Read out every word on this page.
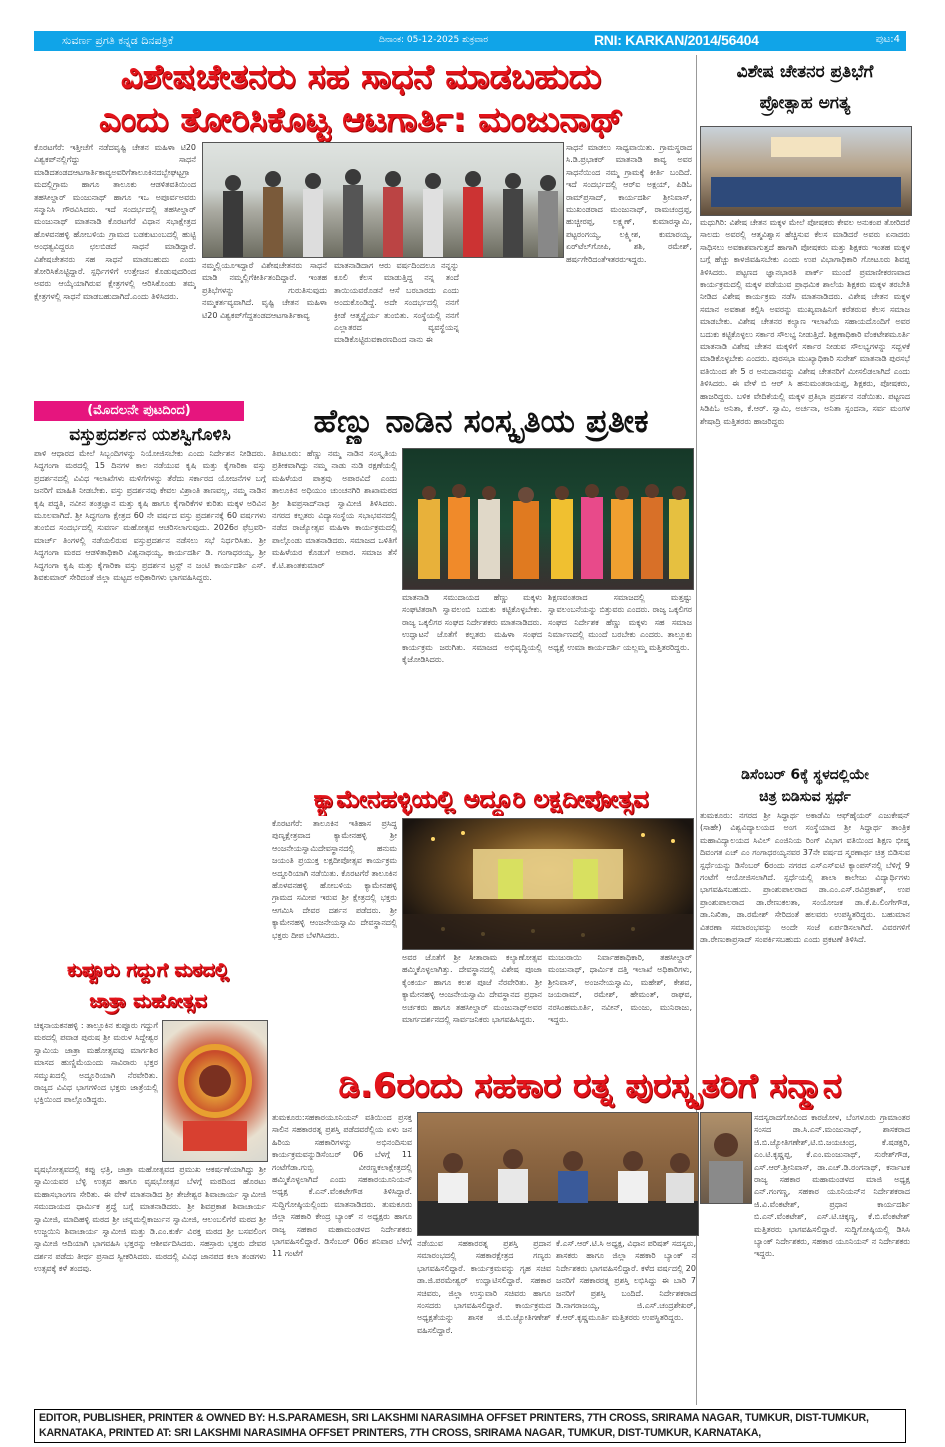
ಸುವರ್ಣ ಪ್ರಗತಿ ಕನ್ನಡ ದಿನಪತ್ರಿಕೆ	ದಿನಾಂಕ: 05-12-2025 ಶುಕ್ರವಾರ	RNI: KARKAN/2014/56404	ಪುಟ:4
ವಿಶೇಷಚೇತನರು ಸಹ ಸಾಧನೆ ಮಾಡಬಹುದು
ಎಂದು ತೋರಿಸಿಕೊಟ್ಟ ಆಟಗಾರ್ತಿ: ಮಂಜುನಾಥ್
ಕೊರಟಗೆರೆ: ಇತ್ತೀಚೆಗೆ ನಡೆದವೃಷ್ಟಿ ಚೇತನ ಮಹಿಳಾ ಟಿ20 ವಿಶ್ವಕಪ್‌ನಲ್ಲಿಗೆದ್ದು ಸಾಧನೆ ಮಾಡಿದತಂಡದಆಟಗಾರ್ತಿಕಾವ್ಯಅವರಿಗೆತಾಲೂಕಿನದಬ್ಬೇಘಟ್ಟಗ್ರಾಮದಲ್ಲಿಗ್ರಾಮ ಹಾಗೂ ತಾಲೂಕು ಆಡಳಿತವತಿಯಿಂದ ತಹಸೀಲ್ದಾರ್ ಮಂಜುನಾಥ್ ಹಾಗೂ ಇಒ ಅಪೂರ್ವಅವರು ಸನ್ಮಾನಿಸಿ ಗೌರವಿಸಿದರು. ಇದೆ ಸಂದರ್ಭದಲ್ಲಿ ತಹಸೀಲ್ದಾರ್ ಮಂಜುನಾಥ್ ಮಾತನಾಡಿ ಕೊರಟಗೆರೆ ವಿಧಾನ ಸಭಾಕ್ಷೇತ್ರದ ಹೊಳವನಹಳ್ಳಿ ಹೋಬಳಿಯ ಗ್ರಾಮದ ಬಡಕುಟುಂಬದಲ್ಲಿ ಹುಟ್ಟಿ ಅಂಧತ್ವವಿದ್ದರೂ ಛಲಬಿಡದೆ ಸಾಧನೆ ಮಾಡಿದ್ದಾರೆ. ವಿಶೇಷಚೇತನರು ಸಹ ಸಾಧನೆ ಮಾಡಬಹುದು ಎಂದು ತೋರಿಸಿಕೊಟ್ಟಿದ್ದಾರೆ. ಸ್ಪರ್ಧಿಗಳಿಗೆ ಉತ್ತೇಜನ ಕೊಡುವುದರಿಂದ ಅವರು ಆಯ್ಕೆಯಾಗಿರುವ ಕ್ಷೇತ್ರಗಳಲ್ಲಿ ಆರಿಸಿಕೊಂಡು ತಮ್ಮ ಕ್ಷೇತ್ರಗಳಲ್ಲಿ ಸಾಧನೆ ಮಾಡಬಹುದಾಗಿದೆ.ಎಂದು ತಿಳಿಸಿದರು.
ನಮ್ಮಲ್ಲಿಯೂಇದ್ದಾರೆ ವಿಶೇಷಚೇತನರು ಸಾಧನೆ ಮಾಡಿ ನಮ್ಮಲ್ಲಿಗೆಕೀರ್ತಿತಂದಿದ್ದಾರೆ. ಇಂತಹ ಪ್ರತಿಭೆಗಳನ್ನು ಗುರುತಿಸುವುದು ನಮ್ಮಕರ್ತವ್ಯವಾಗಿದೆ. ವೃಷ್ಟಿ ಚೇತನ ಮಹಿಳಾ ಟಿ20 ವಿಶ್ವಕಪ್‌ಗೆದ್ದತಂಡದಆಟಗಾರ್ತಿಕಾವ್ಯ
ಮಾತನಾಡಿದಾಗ ಆರು ವರ್ಷದಿಂದಲೂ ನನ್ನನ್ನು ಕೂಲಿ ಕೆಲಸ ಮಾಡುತ್ತಿದ್ದ ನನ್ನ ತಂದೆ ತಾಯಿಯವರೊಡನೆ ಆಸೆ ಬರಬಾರದು ಎಂದು ಅಂದುಕೊಂಡಿದ್ದೆ. ಅದೇ ಸಂದರ್ಭದಲ್ಲಿ ನನಗೆ ಕ್ರೀಡೆ ಆತ್ಮಸ್ಥೈರ್ಯ ತುಂಬಿತು. ಸಂಸ್ಥೆಯಲ್ಲಿ ನನಗೆ ಎಲ್ಲಾತರದ ವ್ಯವಸ್ಥೆಯನ್ನ ಮಾಡಿಕೊಟ್ಟಿರುವಕಾರಣದಿಂದ ನಾನು ಈ
ಸಾಧನೆ ಮಾಡಲು ಸಾಧ್ಯವಾಯಿತು. ಗ್ರಾಮಸ್ಥರಾದ ಸಿ.ಡಿ.ಪ್ರಭಾಕರ್ ಮಾತನಾಡಿ ಕಾವ್ಯ ಅವರ ಸಾಧನೆಯಿಂದ ನಮ್ಮ ಗ್ರಾಮಕ್ಕೆ ಕೀರ್ತಿ ಬಂದಿದೆ. ಇದೆ ಸಂದರ್ಭದಲ್ಲಿ ಆರ್‌ಐ ಅಕ್ಷಯ್, ಪಿಡಿಓ ರಾಮ್‌ಪ್ರಸಾದ್, ಕಾರ್ಯದರ್ಶಿ ಶ್ರೀನಿವಾಸ್, ಮುಖಂಡರಾದ ಮಂಜುನಾಥ್, ರಾಮಚಂದ್ರಪ್ಪ, ಹುಚ್ಚೀರಪ್ಪ, ಲಕ್ಷ್ಮಣ್, ಕುಮಾರಸ್ವಾಮಿ, ಪಟ್ಟರಂಗಯ್ಯ, ಲಕ್ಷ್ಮೀಶ, ಕುಮಾರಯ್ಯ, ಏರ್‌ಟೆಲ್‌ಗೋಪಿ, ಶಶಿ, ರಮೇಶ್, ಹರ್ಷಗೇರಿದಂತೆಇತರರುಇದ್ದರು.
ವಿಶೇಷ ಚೇತನರ ಪ್ರತಿಭೆಗೆ
ಪ್ರೋತ್ಸಾಹ ಅಗತ್ಯ
ಮಧುಗಿರಿ: ವಿಶೇಷ ಚೇತನ ಮಕ್ಕಳ ಮೇಲೆ ಪೋಷಕರು ಕೇವಲ ಅನುಕಂಪ ತೋರಿದರೆ ಸಾಲದು ಅವರಲ್ಲಿ ಆತ್ಮವಿಶ್ವಾಸ ಹೆಚ್ಚಿಸುವ ಕೆಲಸ ಮಾಡಿದರೆ ಅವರು ಏನಾದರು ಸಾಧಿಸಲು ಅವಕಾಶವಾಗುತ್ತದೆ ಹಾಗಾಗಿ ಪೋಷಕರು ಮತ್ತು ಶಿಕ್ಷಕರು ಇಂತಹ ಮಕ್ಕಳ ಬಗ್ಗೆ ಹೆಚ್ಚು ಕಾಳಜಿವಹಿಸಬೇಕು ಎಂದು ಉಪ ವಿಭಾಗಾಧಿಕಾರಿ ಗೋಟೂರು ಶಿವಪ್ಪ ತಿಳಿಸಿದರು. ಪಟ್ಟಣದ ಜ್ಞಾನಭಾರತಿ ಪಾರ್ಕ್ ಮುಂದೆ ಪ್ರಮಾಣೀಕರಣವಾದ ಕಾರ್ಯಕ್ರಮದಲ್ಲಿ ಮಕ್ಕಳ ಪಡೆಯುವ ಪ್ರಾಥಮಿಕ ಶಾಲೆಯ ಶಿಕ್ಷಕರು ಮಕ್ಕಳ ತರಬೇತಿ ನೀಡಿದ ವಿಶೇಷ ಕಾರ್ಯಕ್ರಮ ನಡೆಸಿ ಮಾತನಾಡಿದರು. ವಿಶೇಷ ಚೇತನ ಮಕ್ಕಳ ಸಮಾನ ಅವಕಾಶ ಕಲ್ಪಿಸಿ ಅವರನ್ನು ಮುಖ್ಯವಾಹಿನಿಗೆ ಕರೆತರುವ ಕೆಲಸ ಸಮಾಜ ಮಾಡಬೇಕು. ವಿಶೇಷ ಚೇತನರ ಕಲ್ಯಾಣ ಇಲಾಖೆಯ ಸಹಾಯದೊಂದಿಗೆ ಅವರ ಬದುಕು ಕಟ್ಟಿಕೊಳ್ಳಲು ಸರ್ಕಾರ ಸೌಲಭ್ಯ ನೀಡುತ್ತಿದೆ. ಶಿಕ್ಷಣಾಧಿಕಾರಿ ವೆಂಕಟೇಶಮೂರ್ತಿ ಮಾತನಾಡಿ ವಿಶೇಷ ಚೇತನ ಮಕ್ಕಳಿಗೆ ಸರ್ಕಾರ ನೀಡುವ ಸೌಲಭ್ಯಗಳನ್ನು ಸದ್ಬಳಕೆ ಮಾಡಿಕೊಳ್ಳಬೇಕು ಎಂದರು. ಪುರಸಭಾ ಮುಖ್ಯಾಧಿಕಾರಿ ಸುರೇಶ್ ಮಾತನಾಡಿ ಪುರಸಭೆ ವತಿಯಿಂದ ಶೇ 5 ರ ಅನುದಾನವನ್ನು ವಿಶೇಷ ಚೇತನರಿಗೆ ಮೀಸಲಿಡಲಾಗಿದೆ ಎಂದು ತಿಳಿಸಿದರು. ಈ ವೇಳೆ ಬಿ ಆರ್ ಸಿ ಹನುಮಂತರಾಯಪ್ಪ, ಶಿಕ್ಷಕರು, ಪೋಷಕರು, ಹಾಜರಿದ್ದರು. ಬಳಿಕ ವೇದಿಕೆಯಲ್ಲಿ ಮಕ್ಕಳ ಪ್ರತಿಭಾ ಪ್ರದರ್ಶನ ನಡೆಯಿತು. ಪಟ್ಟಣದ ಸಿಡಿಪಿಓ ಅನಿತಾ, ಕೆ.ಆರ್. ಸ್ವಾಮಿ, ಅರ್ಚನಾ, ಅನಿತಾ ಸ್ಪಂದನಾ, ಸರ್ವ ಮಂಗಳ ಶೇಷಾದ್ರಿ ಮತ್ತಿತರರು ಹಾಜರಿದ್ದರು
(ಮೊದಲನೇ ಪುಟದಿಂದ)
ವಸ್ತುಪ್ರದರ್ಶನ ಯಶಸ್ವಿಗೊಳಿಸಿ
ಪಾಳಿ ಆಧಾರದ ಮೇಲೆ ಸಿಬ್ಬಂದಿಗಳನ್ನು ನಿಯೋಜಿಸಬೇಕು ಎಂದು ನಿರ್ದೇಶನ ನೀಡಿದರು. ಸಿದ್ಧಗಂಗಾ ಮಠದಲ್ಲಿ 15 ದಿನಗಳ ಕಾಲ ನಡೆಯುವ ಕೃಷಿ ಮತ್ತು ಕೈಗಾರಿಕಾ ವಸ್ತು ಪ್ರದರ್ಶನದಲ್ಲಿ ವಿವಿಧ ಇಲಾಖೆಗಳು ಮಳಿಗೆಗಳನ್ನು ತೆರೆದು ಸರ್ಕಾರದ ಯೋಜನೆಗಳ ಬಗ್ಗೆ ಜನರಿಗೆ ಮಾಹಿತಿ ನೀಡಬೇಕು. ವಸ್ತು ಪ್ರದರ್ಶನವು ಕೇವಲ ವಿಶ್ರಾಂತಿ ತಾಣವಲ್ಲ, ನಮ್ಮ ನಾಡಿನ ಕೃಷಿ ಪದ್ಧತಿ, ನವೀನ ತಂತ್ರಜ್ಞಾನ ಮತ್ತು ಕೃಷಿ ಹಾಗೂ ಕೈಗಾರಿಕೆಗಳ ಕುರಿತು ಮಕ್ಕಳ ಅರಿವಿನ ಮೂಲವಾಗಿದೆ. ಶ್ರೀ ಸಿದ್ಧಗಂಗಾ ಕ್ಷೇತ್ರದ 60 ನೇ ವರ್ಷದ ವಸ್ತು ಪ್ರದರ್ಶನಕ್ಕೆ 60 ವರ್ಷಗಳು ತುಂಬಿದ ಸಂದರ್ಭದಲ್ಲಿ ಸುವರ್ಣ ಮಹೋತ್ಸವ ಆಚರಿಸಲಾಗುವುದು. 2026ರ ಫೆಬ್ರವರಿ-ಮಾರ್ಚ್ ತಿಂಗಳಲ್ಲಿ ನಡೆಯಲಿರುವ ವಸ್ತುಪ್ರದರ್ಶನ ನಡೆಸಲು ಸಭೆ ನಿರ್ಧರಿಸಿತು. ಶ್ರೀ ಸಿದ್ಧಗಂಗಾ ಮಠದ ಆಡಳಿತಾಧಿಕಾರಿ ವಿಶ್ವನಾಥಯ್ಯ, ಕಾರ್ಯದರ್ಶಿ ಡಿ. ಗಂಗಾಧರಯ್ಯ, ಶ್ರೀ ಸಿದ್ಧಗಂಗಾ ಕೃಷಿ ಮತ್ತು ಕೈಗಾರಿಕಾ ವಸ್ತು ಪ್ರದರ್ಶನ ಟ್ರಸ್ಟ್ ನ ಜಂಟಿ ಕಾರ್ಯದರ್ಶಿ ಎಸ್. ಶಿವಕುಮಾರ್ ಸೇರಿದಂತೆ ಜಿಲ್ಲಾ ಮಟ್ಟದ ಅಧಿಕಾರಿಗಳು ಭಾಗವಹಿಸಿದ್ದರು.
ಹೆಣ್ಣು ನಾಡಿನ ಸಂಸ್ಕೃತಿಯ ಪ್ರತೀಕ
ತಿಪಟೂರು: ಹೆಣ್ಣು ನಮ್ಮ ನಾಡಿನ ಸಂಸ್ಕೃತಿಯ ಪ್ರತೀಕವಾಗಿದ್ದು ನಮ್ಮ ನಾಡು ನುಡಿ ರಕ್ಷಣೆಯಲ್ಲಿ ಮಹಿಳೆಯರ ಪಾತ್ರವು ಅಪಾರವಿದೆ ಎಂದು ತಾಲೂಕಿನ ಅಧಿಯುಂ ಚುಂಚನಗಿರಿ ಶಾಖಾಮಠದ ಶ್ರೀ ಶಿವಪ್ರಸಾದ್‌ನಾಥ ಸ್ವಾಮೀಜಿ ತಿಳಿಸಿದರು. ನಗರದ ಕಲ್ಪತರು ವಿದ್ಯಾಸಂಸ್ಥೆಯ ಸಭಾಭವನದಲ್ಲಿ ನಡೆದ ರಾಜ್ಯೋತ್ಸವ ಮಹಿಳಾ ಕಾರ್ಯಕ್ರಮದಲ್ಲಿ ಪಾಲ್ಗೊಂಡು ಮಾತನಾಡಿದರು. ಸಮಾಜದ ಒಳಿತಿಗೆ ಮಹಿಳೆಯರ ಕೊಡುಗೆ ಅಪಾರ. ಸಮಾಜ ತೆಸೆ ಕೆ.ಟಿ.ಶಾಂತಕುಮಾರ್
ಮಾತನಾಡಿ ಸಮುದಾಯದ ಹೆಣ್ಣು ಮಕ್ಕಳು ಸಂಘಟಿತರಾಗಿ ಸ್ವಾವಲಂಬಿ ಬದುಕು ಕಟ್ಟಿಕೊಳ್ಳಬೇಕು. ರಾಜ್ಯ ಒಕ್ಕಲಿಗರ ಸಂಘದ ನಿರ್ದೇಶಕರು ಮಾತನಾಡಿದರು. ಉದ್ಘಾಟನೆ ಜೊತೆಗೆ ಕಲ್ಪತರು ಮಹಿಳಾ ಸಂಘದ ಕಾರ್ಯಕ್ರಮ ಜರುಗಿತು. ಸಮಾಜದ ಅಭಿವೃದ್ಧಿಯಲ್ಲಿ ಕೈಜೋಡಿಸಿದರು.
ಶಿಕ್ಷಣವಂತರಾದ ಸಮಾಜದಲ್ಲಿ ಮತ್ತಷ್ಟು ಸ್ವಾವಲಂಬನೆಯನ್ನು ಬಿತ್ತುವರು ಎಂದರು. ರಾಜ್ಯ ಒಕ್ಕಲಿಗರ ಸಂಘದ ನಿರ್ದೇಶಕ ಹೆಣ್ಣು ಮಕ್ಕಳು ಸಹ ಸಮಾಜ ನಿರ್ಮಾಣದಲ್ಲಿ ಮುಂದೆ ಬರಬೇಕು ಎಂದರು. ತಾಲ್ಲೂಕು ಅಧ್ಯಕ್ಷೆ ಉಮಾ ಕಾರ್ಯದರ್ಶಿ ಯಲ್ಲಮ್ಮ ಮತ್ತಿತರರಿದ್ದರು.
ಕ್ಯಾಮೇನಹಳ್ಳಿಯಲ್ಲಿ ಅದ್ದೂರಿ ಲಕ್ಷದೀಪೋತ್ಸವ
ಕೊರಟಗೆರೆ: ತಾಲೂಕಿನ ಇತಿಹಾಸ ಪ್ರಸಿದ್ಧ ಪುಣ್ಯಕ್ಷೇತ್ರವಾದ ಕ್ಯಾಮೇನಹಳ್ಳಿ ಶ್ರೀ ಆಂಜನೇಯಸ್ವಾಮಿದೇವಸ್ಥಾನದಲ್ಲಿ ಹನುಮ ಜಯಂತಿ ಪ್ರಯುಕ್ತ ಲಕ್ಷದೀಪೋತ್ಸವ ಕಾರ್ಯಕ್ರಮ ಅದ್ದೂರಿಯಾಗಿ ನಡೆಯಿತು. ಕೊರಟಗೆರೆ ತಾಲೂಕಿನ ಹೊಳವನಹಳ್ಳಿ ಹೋಬಳಿಯ ಕ್ಯಾಮೇನಹಳ್ಳಿ ಗ್ರಾಮದ ಸಮೀಪ ಇರುವ ಶ್ರೀ ಕ್ಷೇತ್ರದಲ್ಲಿ ಭಕ್ತರು ಆಗಮಿಸಿ ದೇವರ ದರ್ಶನ ಪಡೆದರು. ಶ್ರೀ ಕ್ಯಾಮೇನಹಳ್ಳಿ ಆಂಜನೇಯಸ್ವಾಮಿ ದೇವಸ್ಥಾನದಲ್ಲಿ ಭಕ್ತರು ದೀಪ ಬೆಳಗಿಸಿದರು.
ಅವರ ಜೊತೆಗೆ ಶ್ರೀ ಸೀತಾರಾಮ ಕಲ್ಯಾಣೋತ್ಸವ ಹಮ್ಮಿಕೊಳ್ಳಲಾಗಿತ್ತು. ದೇವಸ್ಥಾನದಲ್ಲಿ ವಿಶೇಷ ಪೂಜಾ ಕೈಂಕರ್ಯ ಹಾಗೂ ಕಲಶ ಪೂಜೆ ನೆರವೇರಿತು. ಶ್ರೀ ಕ್ಯಾಮೇನಹಳ್ಳಿ ಆಂಜನೇಯಸ್ವಾಮಿ ದೇವಸ್ಥಾನದ ಪ್ರಧಾನ ಅರ್ಚಕರು ಹಾಗೂ ತಹಸೀಲ್ದಾರ್ ಮಂಜುನಾಥ್‌ಅವರ ಮಾರ್ಗದರ್ಶನದಲ್ಲಿ ಸಾರ್ವಜನಿಕರು ಭಾಗವಹಿಸಿದ್ದರು.
ಮುಜುರಾಯಿ ನಿರ್ವಾಹಕಾಧಿಕಾರಿ, ತಹಸೀಲ್ದಾರ್ ಮಂಜುನಾಥ್, ಧಾರ್ಮಿಕ ದತ್ತಿ ಇಲಾಖೆ ಅಧಿಕಾರಿಗಳು, ಶ್ರೀನಿವಾಸ್, ಅಂಜನೇಯಸ್ವಾಮಿ, ಮಹೇಶ್, ಕೇಶವ, ಜಯರಾಮ್, ರಮೇಶ್, ಹೇಮಂತ್, ರಾಘವ, ನರಸಿಂಹಮೂರ್ತಿ, ನವೀನ್, ಮಂಜು, ಮುನಿರಾಜು, ಇದ್ದರು.
ಡಿಸೆಂಬರ್ 6ಕ್ಕೆ ಸ್ಥಳದಲ್ಲಿಯೇ
ಚಿತ್ರ ಬಿಡಿಸುವ ಸ್ಪರ್ಧೆ
ತುಮಕೂರು: ನಗರದ ಶ್ರೀ ಸಿದ್ಧಾರ್ಥ ಅಕಾಡೆಮಿ ಆಫ್‌ಹೈಯರ್ ಎಜುಕೇಷನ್ (ಸಾಹೇ) ವಿಶ್ವವಿದ್ಯಾಲಯದ ಅಂಗ ಸಂಸ್ಥೆಯಾದ ಶ್ರೀ ಸಿದ್ಧಾರ್ಥ ತಾಂತ್ರಿಕ ಮಹಾವಿದ್ಯಾಲಯದ ಸಿವಿಲ್ ಎಂಜಿನಿಯ ರಿಂಗ್ ವಿಭಾಗ ವತಿಯಿಂದ ಶಿಕ್ಷಣ ಭೀಷ್ಮ ದಿವಂಗತ ಎಚ್ ಎಂ ಗಂಗಾಧರಯ್ಯನವರ 37ನೇ ವರ್ಷದ ಸ್ಮರಣಾರ್ಥ ಚಿತ್ರ ಬಿಡಿಸುವ ಸ್ಪರ್ಧೆಯನ್ನು ಡಿಸೆಂಬರ್ 6ರಂದು ನಗರದ ಎಸ್‌ಎಸ್‌ಐಟಿ ಕ್ಯಾಂಪಸ್‌ನಲ್ಲಿ ಬೆಳಿಗ್ಗೆ 9 ಗಂಟೆಗೆ ಆಯೋಜಿಸಲಾಗಿದೆ. ಸ್ಪರ್ಧೆಯಲ್ಲಿ ಶಾಲಾ ಕಾಲೇಜು ವಿದ್ಯಾರ್ಥಿಗಳು ಭಾಗವಹಿಸಬಹುದು. ಪ್ರಾಂಶುಪಾಲರಾದ ಡಾ.ಎಂ.ಎಸ್.ರವಿಪ್ರಕಾಶ್, ಉಪ ಪ್ರಾಂಶುಪಾಲರಾದ ಡಾ.ರೇಣುಕಲತಾ, ಸಂಯೋಜಕ ಡಾ.ಕೆ.ಪಿ.ಲಿಂಗೇಗೌಡ, ಡಾ.ನಿಖಿತಾ, ಡಾ.ರಮೇಶ್ ಸೇರಿದಂತೆ ಹಲವರು ಉಪಸ್ಥಿತರಿದ್ದರು. ಬಹುಮಾನ ವಿತರಣಾ ಸಮಾರಂಭವನ್ನು ಅಂದೇ ಸಂಜೆ ಏರ್ಪಡಿಸಲಾಗಿದೆ. ವಿವರಗಳಿಗೆ ಡಾ.ರೇಣುಕಾಪ್ರಸಾದ್ ಸಂಪರ್ಕಿಸಬಹುದು ಎಂದು ಪ್ರಕಟಣೆ ತಿಳಿಸಿದೆ.
ಕುಪ್ಪೂರು ಗದ್ದುಗೆ ಮಠದಲ್ಲಿ
ಜಾತ್ರಾ ಮಹೋತ್ಸವ
ಚಿಕ್ಕನಾಯಕನಹಳ್ಳಿ : ತಾಲ್ಲೂಕಿನ ಕುಪ್ಪೂರು ಗದ್ದುಗೆ ಮಠದಲ್ಲಿ ಪವಾಡ ಪುರುಷ ಶ್ರೀ ಮರುಳ ಸಿದ್ದೇಶ್ವರ ಸ್ವಾಮಿಯ ಜಾತ್ರಾ ಮಹೋತ್ಸವವು ಮಾರ್ಗಶಿರ ಮಾಸದ ಹುಣ್ಣಿಮೆಯಂದು ಸಾವಿರಾರು ಭಕ್ತರ ಸಮ್ಮುಖದಲ್ಲಿ ಅದ್ದೂರಿಯಾಗಿ ನೆರವೇರಿತು. ರಾಜ್ಯದ ವಿವಿಧ ಭಾಗಗಳಿಂದ ಭಕ್ತರು ಜಾತ್ರೆಯಲ್ಲಿ ಭಕ್ತಿಯಿಂದ ಪಾಲ್ಗೊಂಡಿದ್ದರು.
ವೃಷಭೋತ್ಸವದಲ್ಲಿ ಕಪ್ಪು ಛತ್ರಿ, ಜಾತ್ರಾ ಮಹೋತ್ಸವದ ಪ್ರಮುಖ ಆಕರ್ಷಣೆಯಾಗಿದ್ದು ಶ್ರೀ ಸ್ವಾಮಿಯವರ ಬೆಳ್ಳಿ ಉತ್ಸವ ಹಾಗೂ ವೃಷಭೋತ್ಸವ ಬೆಳಗ್ಗೆ ಮಠದಿಂದ ಹೊರಟು ಮಹಾಸಭಾಂಗಣ ಸೇರಿತು. ಈ ವೇಳೆ ಮಾತನಾಡಿದ ಶ್ರೀ ತೇಜೇಶ್ವರ ಶಿವಾಚಾರ್ಯ ಸ್ವಾಮೀಜಿ ಸಮುದಾಯದ ಧಾರ್ಮಿಕ ಶ್ರದ್ಧೆ ಬಗ್ಗೆ ಮಾತನಾಡಿದರು. ಶ್ರೀ ಶಿವಪ್ರಕಾಶ ಶಿವಾಚಾರ್ಯ ಸ್ವಾಮೀಜಿ, ಮಾದಿಹಳ್ಳಿ ಮಠದ ಶ್ರೀ ಚನ್ನಮಲ್ಲಿಕಾರ್ಜುನ ಸ್ವಾಮೀಜಿ, ಆಲಂಬಲಿಗೆರೆ ಮಠದ ಶ್ರೀ ಉಜ್ಜಯಿನಿ ಶಿವಾಚಾರ್ಯ ಸ್ವಾಮೀಜಿ ಮತ್ತು ಡಿ.ಎಂ.ಕುರ್ಕೆ ವಿರಕ್ತ ಮಠದ ಶ್ರೀ ಬಸವಲಿಂಗ ಸ್ವಾಮೀಜಿ ಆದಿಯಾಗಿ ಭಾಗವಹಿಸಿ ಭಕ್ತರನ್ನು ಆಶೀರ್ವದಿಸಿದರು. ಸಹಸ್ರಾರು ಭಕ್ತರು ದೇವರ ದರ್ಶನ ಪಡೆದು ತೀರ್ಥ ಪ್ರಸಾದ ಸ್ವೀಕರಿಸಿದರು. ಮಠದಲ್ಲಿ ವಿವಿಧ ಜಾನಪದ ಕಲಾ ತಂಡಗಳು ಉತ್ಸವಕ್ಕೆ ಕಳೆ ತಂದವು.
ಡಿ.6ರಂದು ಸಹಕಾರ ರತ್ನ ಪುರಸ್ಕೃತರಿಗೆ ಸನ್ಮಾನ
ತುಮಕೂರು:ಸಹಕಾರಯೂನಿಯನ್ ವತಿಯಿಂದ ಪ್ರಸಕ್ತ ಸಾಲಿನ ಸಹಕಾರರತ್ನ ಪ್ರಶಸ್ತಿ ಪಡೆದವರೆಲ್ಲಿಯ ಏಳು ಜನ ಹಿರಿಯ ಸಹಕಾರಿಗಳನ್ನು ಅಭಿನಂದಿಸುವ ಕಾರ್ಯಕ್ರಮವನ್ನುಡಿಸೆಂಬರ್ 06 ಬೆಳಗ್ಗೆ 11 ಗಂಟೆಗೆಡಾ.ಗುಬ್ಬಿ ವೀರಣ್ಣಕಲಾಕ್ಷೇತ್ರದಲ್ಲಿ ಹಮ್ಮಿಕೊಳ್ಳಲಾಗಿದೆ ಎಂದು ಸಹಕಾರಯೂನಿಯನ್ ಅಧ್ಯಕ್ಷ ಕೆ.ಎನ್.ವೆಂಕಟೇಗೌಡ ತಿಳಿಸಿದ್ದಾರೆ. ಸುದ್ದಿಗೋಷ್ಠಿಯಲ್ಲಿಂದು ಮಾತನಾಡಿದರು. ತುಮಕೂರು ಜಿಲ್ಲಾ ಸಹಕಾರಿ ಕೇಂದ್ರ ಬ್ಯಾಂಕ್ ನ ಅಧ್ಯಕ್ಷರು ಹಾಗೂ ರಾಜ್ಯ ಸಹಕಾರ ಮಹಾಮಂಡಳದ ನಿರ್ದೇಶಕರು ಭಾಗವಹಿಸಲಿದ್ದಾರೆ. ಡಿಸೆಂಬರ್ 06ರ ಶನಿವಾರ ಬೆಳಗ್ಗೆ 11 ಗಂಟೆಗೆ
ನಡೆಯುವ ಸಹಕಾರರತ್ನ ಪ್ರಶಸ್ತಿ ಪ್ರದಾನ ಸಮಾರಂಭದಲ್ಲಿ ಸಹಕಾರಕ್ಷೇತ್ರದ ಗಣ್ಯರು ಭಾಗವಹಿಸಲಿದ್ದಾರೆ. ಕಾರ್ಯಕ್ರಮವನ್ನು ಗೃಹ ಸಚಿವ ಡಾ.ಜಿ.ಪರಮೇಶ್ವರ್ ಉದ್ಘಾಟಿಸಲಿದ್ದಾರೆ. ಸಹಕಾರ ಸಚಿವರು, ಜಿಲ್ಲಾ ಉಸ್ತುವಾರಿ ಸಚಿವರು ಹಾಗೂ ಸಂಸದರು ಭಾಗವಹಿಸಲಿದ್ದಾರೆ. ಕಾರ್ಯಕ್ರಮದ ಅಧ್ಯಕ್ಷತೆಯನ್ನು ಶಾಸಕ ಜಿ.ಬಿ.ಜ್ಯೋತಿಗಣೇಶ್ ವಹಿಸಲಿದ್ದಾರೆ.
ಕೆ.ಎಸ್.ಆರ್.ಟಿ.ಸಿ ಅಧ್ಯಕ್ಷ, ವಿಧಾನ ಪರಿಷತ್ ಸದಸ್ಯರು, ಶಾಸಕರು ಹಾಗೂ ಜಿಲ್ಲಾ ಸಹಕಾರಿ ಬ್ಯಾಂಕ್ ನ ನಿರ್ದೇಶಕರು ಭಾಗವಹಿಸಲಿದ್ದಾರೆ. ಕಳೆದ ವರ್ಷದಲ್ಲಿ 20 ಜನರಿಗೆ ಸಹಕಾರರತ್ನ ಪ್ರಶಸ್ತಿ ಲಭಿಸಿದ್ದು ಈ ಬಾರಿ 7 ಜನರಿಗೆ ಪ್ರಶಸ್ತಿ ಬಂದಿದೆ. ನಿರ್ದೇಶಕರಾದ ಡಿ.ನಾಗರಾಜಯ್ಯ, ಜಿ.ಎಸ್.ಚಂದ್ರಶೇಖರ್, ಕೆ.ಆರ್.ಕೃಷ್ಣಮೂರ್ತಿ ಮತ್ತಿತರರು ಉಪಸ್ಥಿತರಿದ್ದರು.
ಸದಸ್ಯರಾದಗೋವಿಂದ ಕಾರಜೋಳ, ಬೆಂಗಳೂರು ಗ್ರಾಮಾಂತರ ಸಂಸದ ಡಾ.ಸಿ.ಎನ್.ಮಂಜುನಾಥ್, ಶಾಸಕರಾದ ಜಿ.ಬಿ.ಜ್ಯೋತಿಗಣೇಶ್,ಟಿ.ಬಿ.ಜಯಚಂದ್ರ, ಕೆ.ಷಡಕ್ಷರಿ, ಎಂ.ಟಿ.ಕೃಷ್ಣಪ್ಪ, ಕೆ.ಎಂ.ಮಂಜುನಾಥ್, ಸುರೇಶ್‌ಗೌಡ, ಎಸ್.ಆರ್.ಶ್ರೀನಿವಾಸ್, ಡಾ.ಎಚ್.ಡಿ.ರಂಗನಾಥ್, ಕರ್ನಾಟಕ ರಾಜ್ಯ ಸಹಕಾರ ಮಹಾಮಂಡಳದ ಮಾಜಿ ಅಧ್ಯಕ್ಷ ಎನ್.ಗಂಗಣ್ಣ, ಸಹಕಾರ ಯೂನಿಯನ್‌ನ ನಿರ್ದೇಶಕರಾದ ಜಿ.ವಿ.ವೆಂಕಟೇಶ್, ಪ್ರಧಾನ ಕಾರ್ಯದರ್ಶಿ ಬಿ.ಎನ್.ವೆಂಕಟೇಶ್, ಎಸ್.ಟಿ.ಚಿಕ್ಕಣ್ಣ, ಕೆ.ಬಿ.ವೆಂಕಟೇಶ್ ಮತ್ತಿತರರು ಭಾಗವಹಿಸಲಿದ್ದಾರೆ. ಸುದ್ದಿಗೋಷ್ಠಿಯಲ್ಲಿ ಡಿಸಿಸಿ ಬ್ಯಾಂಕ್ ನಿರ್ದೇಶಕರು, ಸಹಕಾರ ಯೂನಿಯನ್ ನ ನಿರ್ದೇಶಕರು ಇದ್ದರು.
EDITOR, PUBLISHER, PRINTER & OWNED BY: H.S.PARAMESH, SRI LAKSHMI NARASIMHA OFFSET PRINTERS, 7TH CROSS, SRIRAMA NAGAR, TUMKUR, DIST-TUMKUR,
KARNATAKA, PRINTED AT: SRI LAKSHMI NARASIMHA OFFSET PRINTERS, 7TH CROSS, SRIRAMA NAGAR, TUMKUR, DIST-TUMKUR, KARNATAKA,
